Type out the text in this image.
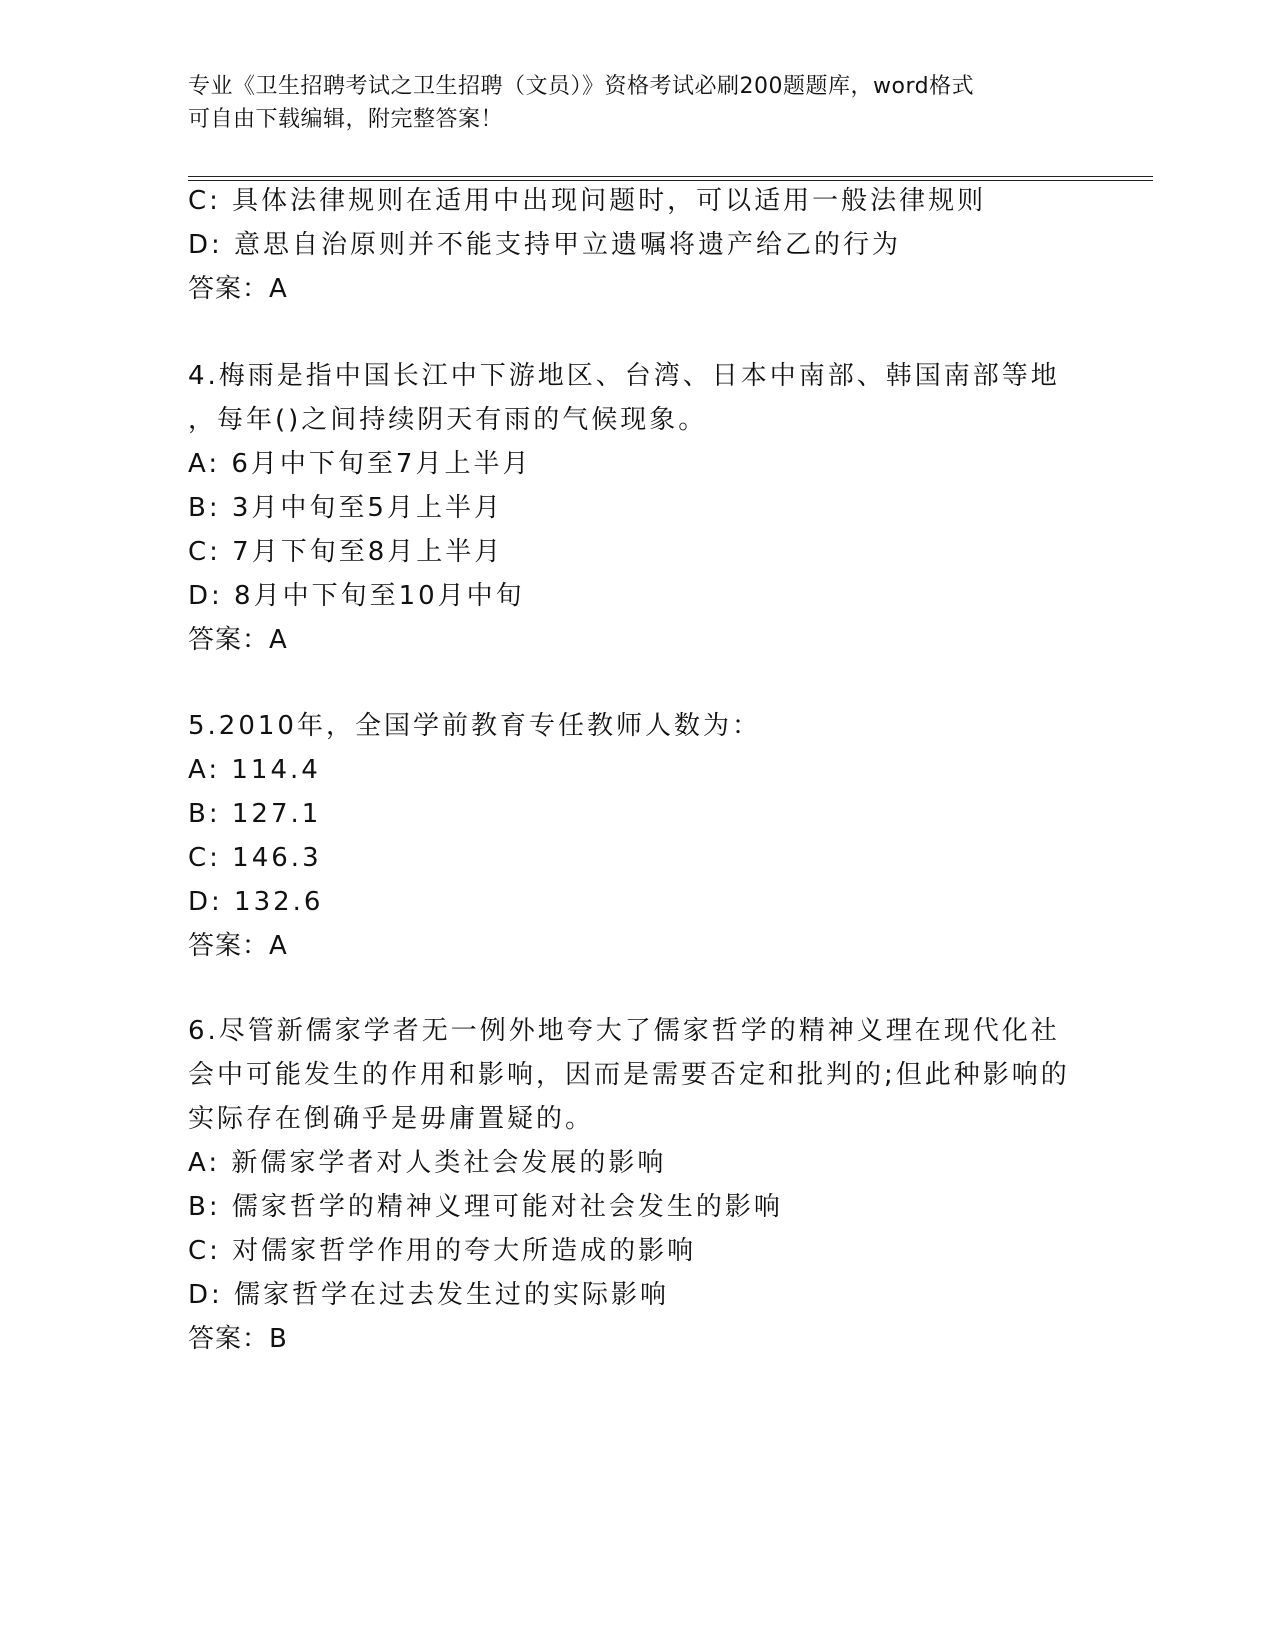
专业《卫生招聘考试之卫生招聘（文员）》资格考试必刷200题题库，word格式
可自由下载编辑，附完整答案！
C: 具体法律规则在适用中出现问题时，可以适用一般法律规则
D: 意思自治原则并不能支持甲立遗嘱将遗产给乙的行为
答案：A
4.梅雨是指中国长江中下游地区、台湾、日本中南部、韩国南部等地
，每年()之间持续阴天有雨的气候现象。
A: 6月中下旬至7月上半月
B: 3月中旬至5月上半月
C: 7月下旬至8月上半月
D: 8月中下旬至10月中旬
答案：A
5.2010年，全国学前教育专任教师人数为：
A: 114.4
B: 127.1
C: 146.3
D: 132.6
答案：A
6.尽管新儒家学者无一例外地夸大了儒家哲学的精神义理在现代化社
会中可能发生的作用和影响，因而是需要否定和批判的;但此种影响的
实际存在倒确乎是毋庸置疑的。
A: 新儒家学者对人类社会发展的影响
B: 儒家哲学的精神义理可能对社会发生的影响
C: 对儒家哲学作用的夸大所造成的影响
D: 儒家哲学在过去发生过的实际影响
答案：B
